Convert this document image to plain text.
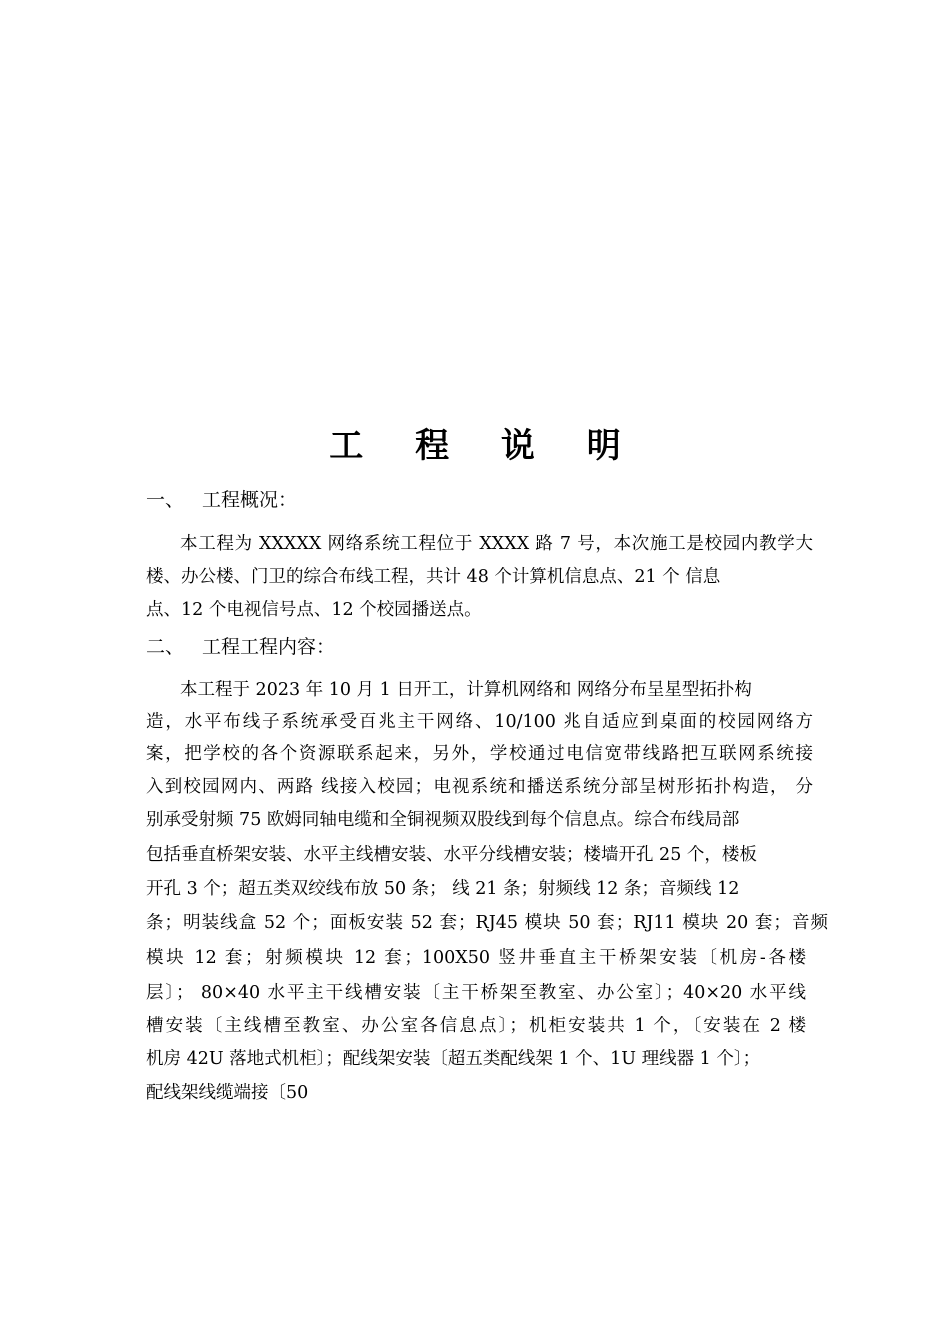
工 程 说 明
一、 工程概况：
本工程为 XXXXX 网络系统工程位于 XXXX 路 7 号，本次施工是校园内教学大
楼、办公楼、门卫的综合布线工程，共计 48 个计算机信息点、21 个 信息
点、12 个电视信号点、12 个校园播送点。
二、 工程工程内容：
本工程于 2023 年 10 月 1 日开工，计算机网络和 网络分布呈星型拓扑构
造，水平布线子系统承受百兆主干网络、10/100 兆自适应到桌面的校园网络方
案，把学校的各个资源联系起来，另外，学校通过电信宽带线路把互联网系统接
入到校园网内、两路 线接入校园；电视系统和播送系统分部呈树形拓扑构造， 分
别承受射频 75 欧姆同轴电缆和全铜视频双股线到每个信息点。综合布线局部
包括垂直桥架安装、水平主线槽安装、水平分线槽安装；楼墙开孔 25 个，楼板
开孔 3 个；超五类双绞线布放 50 条； 线 21 条；射频线 12 条；音频线 12
条；明装线盒 52 个；面板安装 52 套；RJ45 模块 50 套；RJ11 模块 20 套；音频
模块 12 套；射频模块 12 套；100X50 竖井垂直主干桥架安装〔机房-各楼
层〕； 80×40 水平主干线槽安装〔主干桥架至教室、办公室〕；40×20 水平线
槽安装〔主线槽至教室、办公室各信息点〕；机柜安装共 1 个，〔安装在 2 楼
机房 42U 落地式机柜〕；配线架安装〔超五类配线架 1 个、1U 理线器 1 个〕；
配线架线缆端接〔50
